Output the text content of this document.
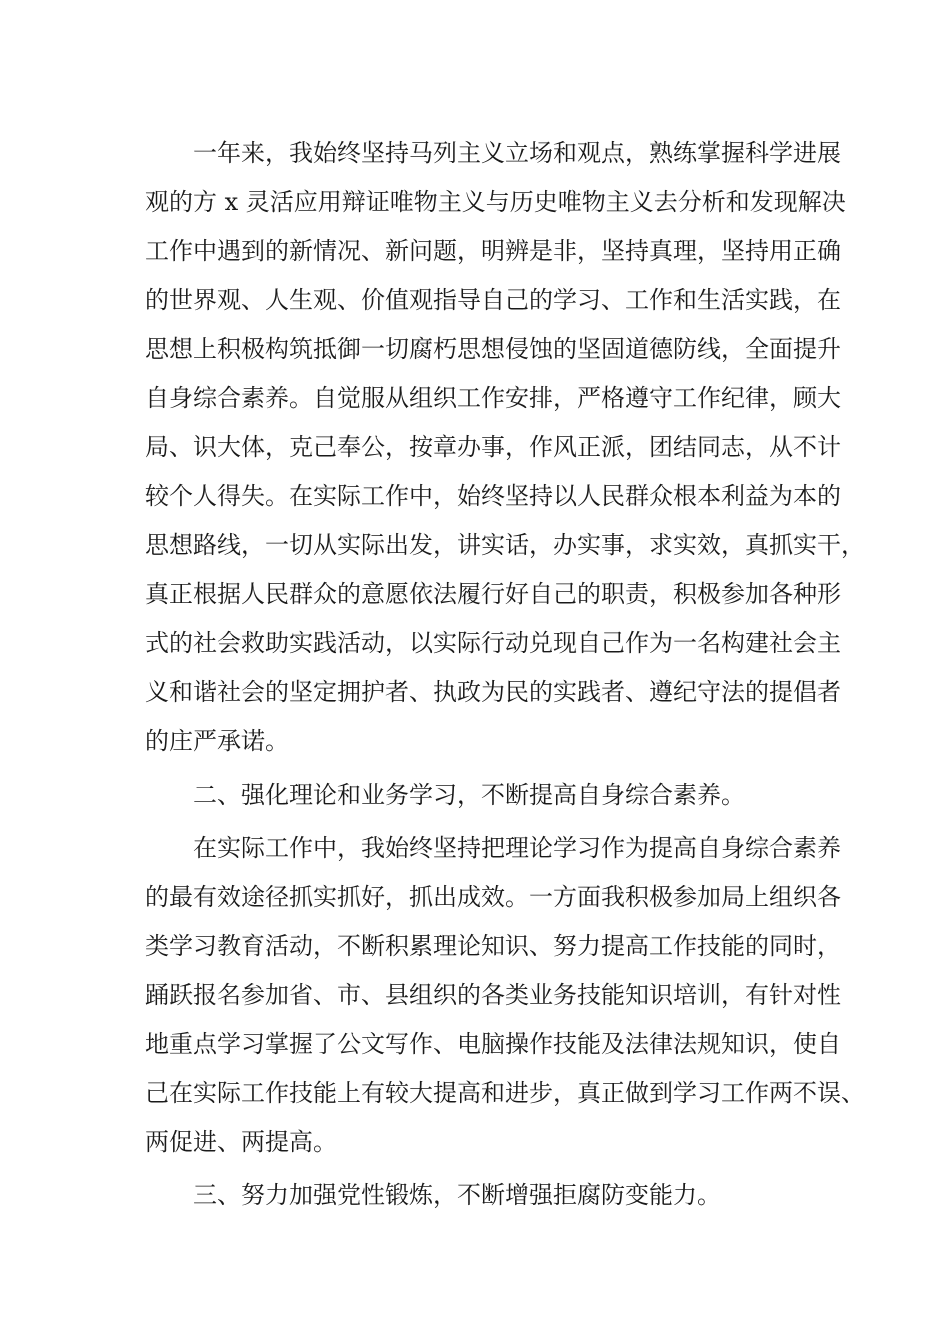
一年来，我始终坚持马列主义立场和观点，熟练掌握科学进展
观的方 x 灵活应用辩证唯物主义与历史唯物主义去分析和发现解决
工作中遇到的新情况、新问题，明辨是非，坚持真理，坚持用正确
的世界观、人生观、价值观指导自己的学习、工作和生活实践，在
思想上积极构筑抵御一切腐朽思想侵蚀的坚固道德防线，全面提升
自身综合素养。自觉服从组织工作安排，严格遵守工作纪律，顾大
局、识大体，克己奉公，按章办事，作风正派，团结同志，从不计
较个人得失。在实际工作中，始终坚持以人民群众根本利益为本的
思想路线，一切从实际出发，讲实话，办实事，求实效，真抓实干，
真正根据人民群众的意愿依法履行好自己的职责，积极参加各种形
式的社会救助实践活动，以实际行动兑现自己作为一名构建社会主
义和谐社会的坚定拥护者、执政为民的实践者、遵纪守法的提倡者
的庄严承诺。
二、强化理论和业务学习，不断提高自身综合素养。
在实际工作中，我始终坚持把理论学习作为提高自身综合素养
的最有效途径抓实抓好，抓出成效。一方面我积极参加局上组织各
类学习教育活动，不断积累理论知识、努力提高工作技能的同时，
踊跃报名参加省、市、县组织的各类业务技能知识培训，有针对性
地重点学习掌握了公文写作、电脑操作技能及法律法规知识，使自
己在实际工作技能上有较大提高和进步，真正做到学习工作两不误、
两促进、两提高。
三、努力加强党性锻炼，不断增强拒腐防变能力。
